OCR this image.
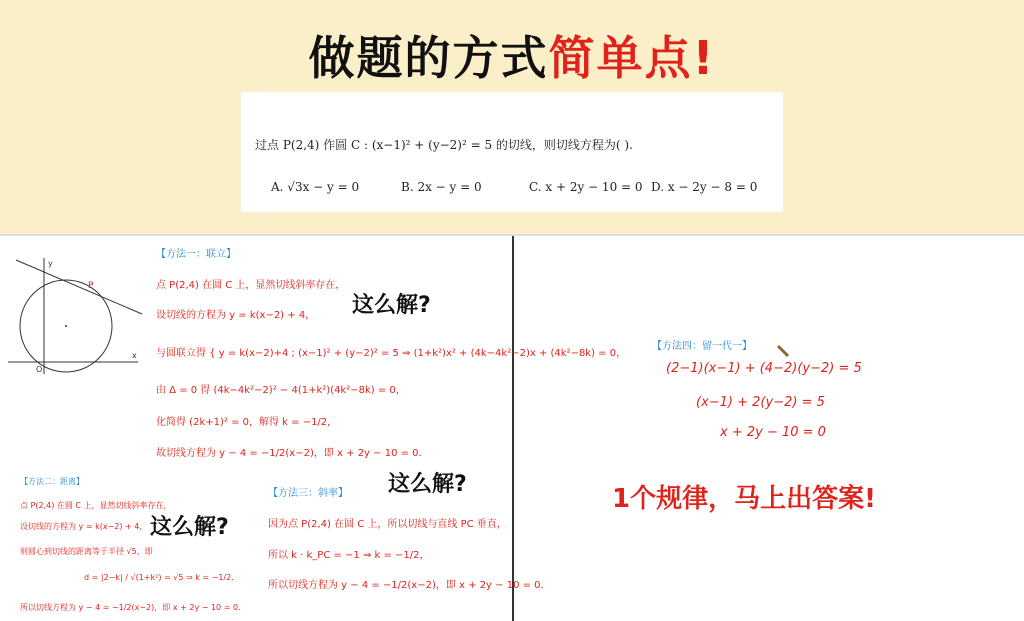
做题的方式简单点!
过点 P(2,4) 作圆 C : (x−1)² + (y−2)² = 5 的切线，则切线方程为( ).
A. √3x − y = 0	B. 2x − y = 0	C. x + 2y − 10 = 0 D. x − 2y − 8 = 0
x
y
O
P
【方法一：联立】
点 P(2,4) 在圆 C 上，显然切线斜率存在，
设切线的方程为 y = k(x−2) + 4，
与圆联立得 { y = k(x−2)+4 ; (x−1)² + (y−2)² = 5 ⇒ (1+k²)x² + (4k−4k²−2)x + (4k²−8k) = 0，
由 Δ = 0 得 (4k−4k²−2)² − 4(1+k²)(4k²−8k) = 0，
化简得 (2k+1)² = 0，解得 k = −1/2，
故切线方程为 y − 4 = −1/2(x−2)，即 x + 2y − 10 = 0．
这么解?
【方法二：距离】
点 P(2,4) 在圆 C 上，显然切线斜率存在，
设切线的方程为 y = k(x−2) + 4，
则圆心到切线的距离等于半径 √5，即
d = |2−k| / √(1+k²) = √5 ⇒ k = −1/2．
所以切线方程为 y − 4 = −1/2(x−2)，即 x + 2y − 10 = 0．
这么解?
这么解?
【方法三：斜率】
因为点 P(2,4) 在圆 C 上，所以切线与直线 PC 垂直，
所以 k · k_PC = −1 ⇒ k = −1/2，
所以切线方程为 y − 4 = −1/2(x−2)，即 x + 2y − 10 = 0．
【方法四：留一代一】
(2−1)(x−1) + (4−2)(y−2) = 5
(x−1) + 2(y−2) = 5
x + 2y − 10 = 0
1个规律，马上出答案!
